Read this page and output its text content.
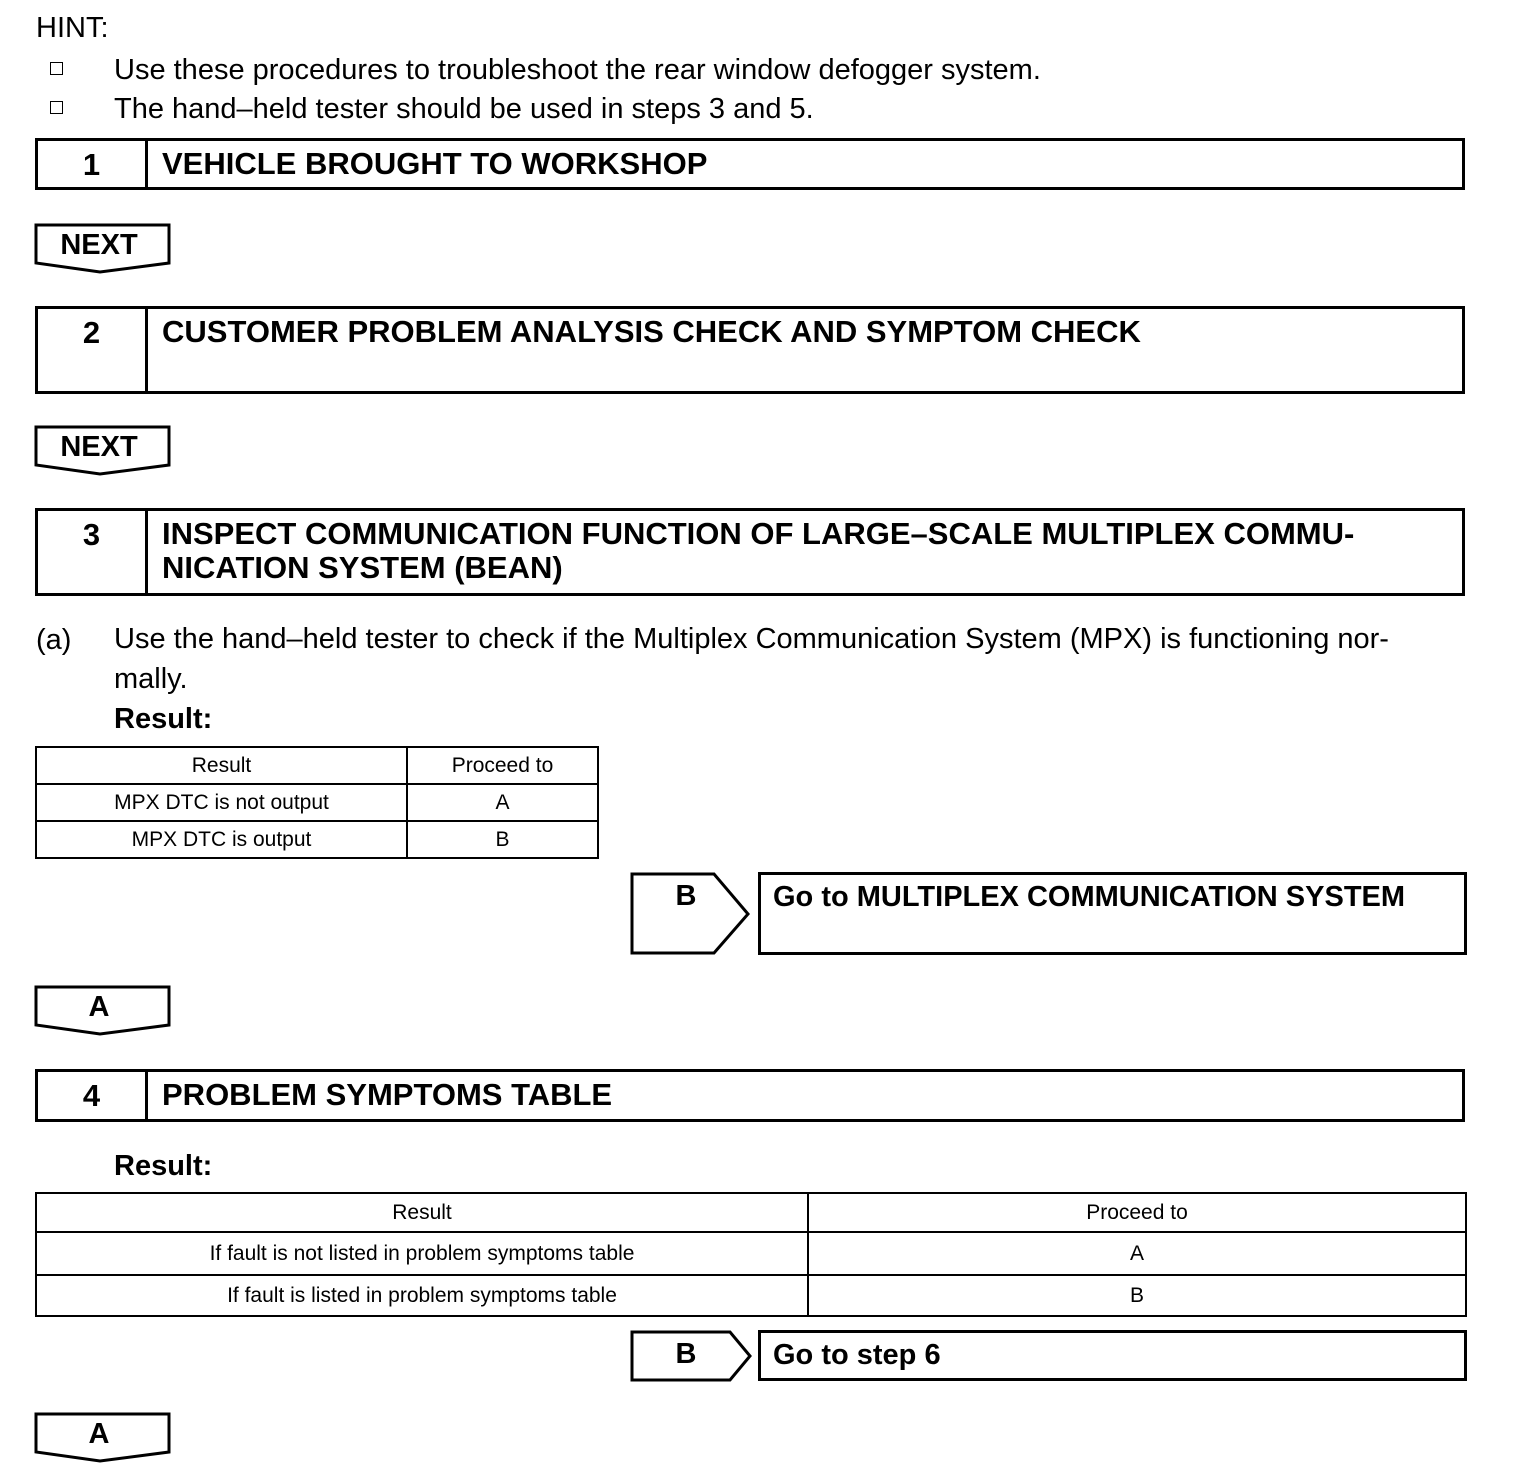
HINT:
Use these procedures to troubleshoot the rear window defogger system.
The hand–held tester should be used in steps 3 and 5.
1	VEHICLE BROUGHT TO WORKSHOP
NEXT
2	CUSTOMER PROBLEM ANALYSIS CHECK AND SYMPTOM CHECK
NEXT
3	INSPECT COMMUNICATION FUNCTION OF LARGE–SCALE MULTIPLEX COMMU-
NICATION SYSTEM (BEAN)
(a) Use the hand–held tester to check if the Multiplex Communication System (MPX) is functioning nor-
mally.
Result:
Result	Proceed to
MPX DTC is not output	A
MPX DTC is output	B
B	Go to MULTIPLEX COMMUNICATION SYSTEM
A
4	PROBLEM SYMPTOMS TABLE
Result:
Result	Proceed to
If fault is not listed in problem symptoms table	A
If fault is listed in problem symptoms table	B
B	Go to step 6
A
